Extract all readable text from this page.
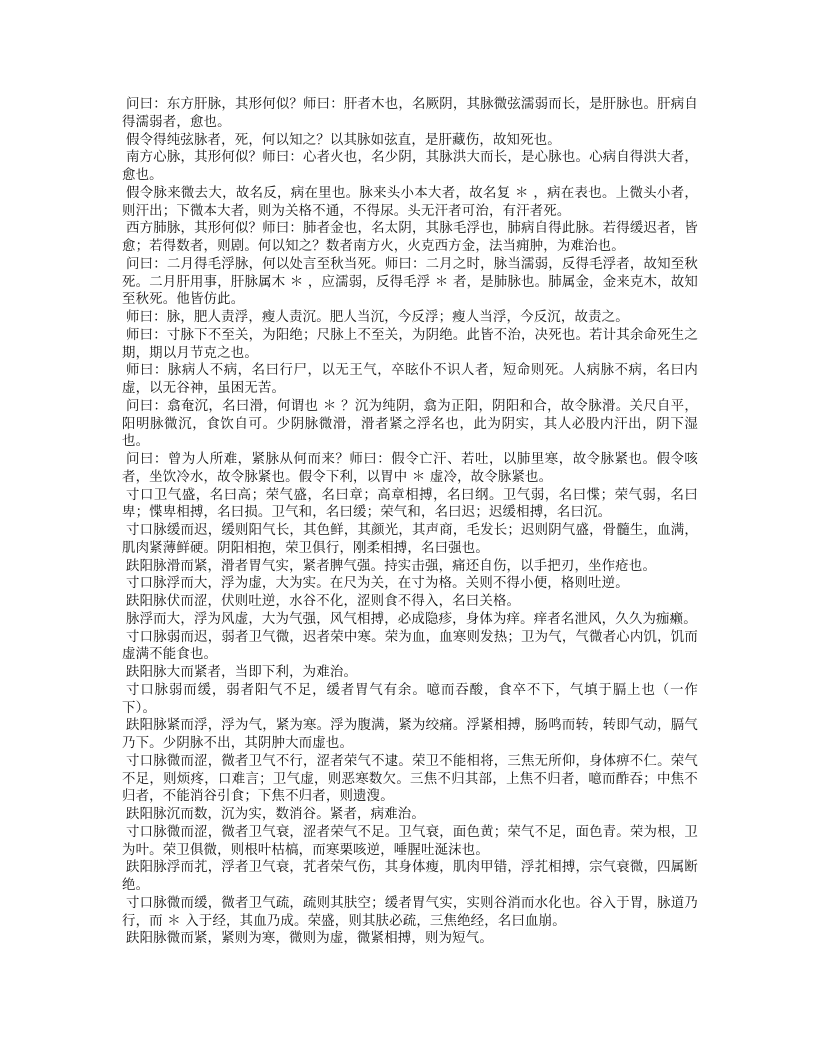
问曰：东方肝脉，其形何似？师曰：肝者木也，名厥阴，其脉微弦濡弱而长，是肝脉也。肝病自得濡弱者，愈也。

假令得纯弦脉者，死，何以知之？以其脉如弦直，是肝藏伤，故知死也。

南方心脉，其形何似？师曰：心者火也，名少阴，其脉洪大而长，是心脉也。心病自得洪大者，愈也。

假令脉来微去大，故名反，病在里也。脉来头小本大者，故名复 ＊ ，病在表也。上微头小者，则汗出；下微本大者，则为关格不通，不得尿。头无汗者可治，有汗者死。

西方肺脉，其形何似？师曰：肺者金也，名太阴，其脉毛浮也，肺病自得此脉。若得缓迟者，皆愈；若得数者，则剧。何以知之？数者南方火，火克西方金，法当痈肿，为难治也。

问曰：二月得毛浮脉，何以处言至秋当死。师曰：二月之时，脉当濡弱，反得毛浮者，故知至秋死。二月肝用事，肝脉属木 ＊ ，应濡弱，反得毛浮 ＊ 者，是肺脉也。肺属金，金来克木，故知至秋死。他皆仿此。

师曰：脉，肥人责浮，瘦人责沉。肥人当沉，今反浮；瘦人当浮，今反沉，故责之。

师曰：寸脉下不至关，为阳绝；尺脉上不至关，为阴绝。此皆不治，决死也。若计其余命死生之期，期以月节克之也。

师曰：脉病人不病，名曰行尸，以无王气，卒眩仆不识人者，短命则死。人病脉不病，名曰内虚，以无谷神，虽困无苦。

问曰：翕奄沉，名曰滑，何谓也 ＊ ？沉为纯阴，翕为正阳，阴阳和合，故令脉滑。关尺自平，阳明脉微沉，食饮自可。少阴脉微滑，滑者紧之浮名也，此为阴实，其人必股内汗出，阴下湿也。

问曰：曾为人所难，紧脉从何而来？师曰：假令亡汗、若吐，以肺里寒，故令脉紧也。假令咳者，坐饮冷水，故令脉紧也。假令下利，以胃中 ＊ 虚冷，故令脉紧也。

寸口卫气盛，名曰高；荣气盛，名曰章；高章相搏，名曰纲。卫气弱，名曰惵；荣气弱，名曰卑；惵卑相搏，名曰损。卫气和，名曰缓；荣气和，名曰迟；迟缓相搏，名曰沉。

寸口脉缓而迟，缓则阳气长，其色鲜，其颜光，其声商，毛发长；迟则阴气盛，骨髓生，血满，肌肉紧薄鲜硬。阴阳相抱，荣卫俱行，刚柔相搏，名曰强也。

趺阳脉滑而紧，滑者胃气实，紧者脾气强。持实击强，痛还自伤，以手把刃，坐作疮也。

寸口脉浮而大，浮为虚，大为实。在尺为关，在寸为格。关则不得小便，格则吐逆。

趺阳脉伏而涩，伏则吐逆，水谷不化，涩则食不得入，名曰关格。

脉浮而大，浮为风虚，大为气强，风气相搏，必成隐疹，身体为痒。痒者名泄风，久久为痂癞。

寸口脉弱而迟，弱者卫气微，迟者荣中寒。荣为血，血寒则发热；卫为气，气微者心内饥，饥而虚满不能食也。

趺阳脉大而紧者，当即下利，为难治。

寸口脉弱而缓，弱者阳气不足，缓者胃气有余。噫而吞酸，食卒不下，气填于膈上也（一作下）。

趺阳脉紧而浮，浮为气，紧为寒。浮为腹满，紧为绞痛。浮紧相搏，肠鸣而转，转即气动，膈气乃下。少阴脉不出，其阴肿大而虚也。

寸口脉微而涩，微者卫气不行，涩者荣气不逮。荣卫不能相将，三焦无所仰，身体痹不仁。荣气不足，则烦疼，口难言；卫气虚，则恶寒数欠。三焦不归其部，上焦不归者，噫而酢吞；中焦不归者，不能消谷引食；下焦不归者，则遗溲。

趺阳脉沉而数，沉为实，数消谷。紧者，病难治。

寸口脉微而涩，微者卫气衰，涩者荣气不足。卫气衰，面色黄；荣气不足，面色青。荣为根，卫为叶。荣卫俱微，则根叶枯槁，而寒栗咳逆，唾腥吐涎沫也。

趺阳脉浮而芤，浮者卫气衰，芤者荣气伤，其身体瘦，肌肉甲错，浮芤相搏，宗气衰微，四属断绝。

寸口脉微而缓，微者卫气疏，疏则其肤空；缓者胃气实，实则谷消而水化也。谷入于胃，脉道乃行，而 ＊ 入于经，其血乃成。荣盛，则其肤必疏，三焦绝经，名曰血崩。

趺阳脉微而紧，紧则为寒，微则为虚，微紧相搏，则为短气。
